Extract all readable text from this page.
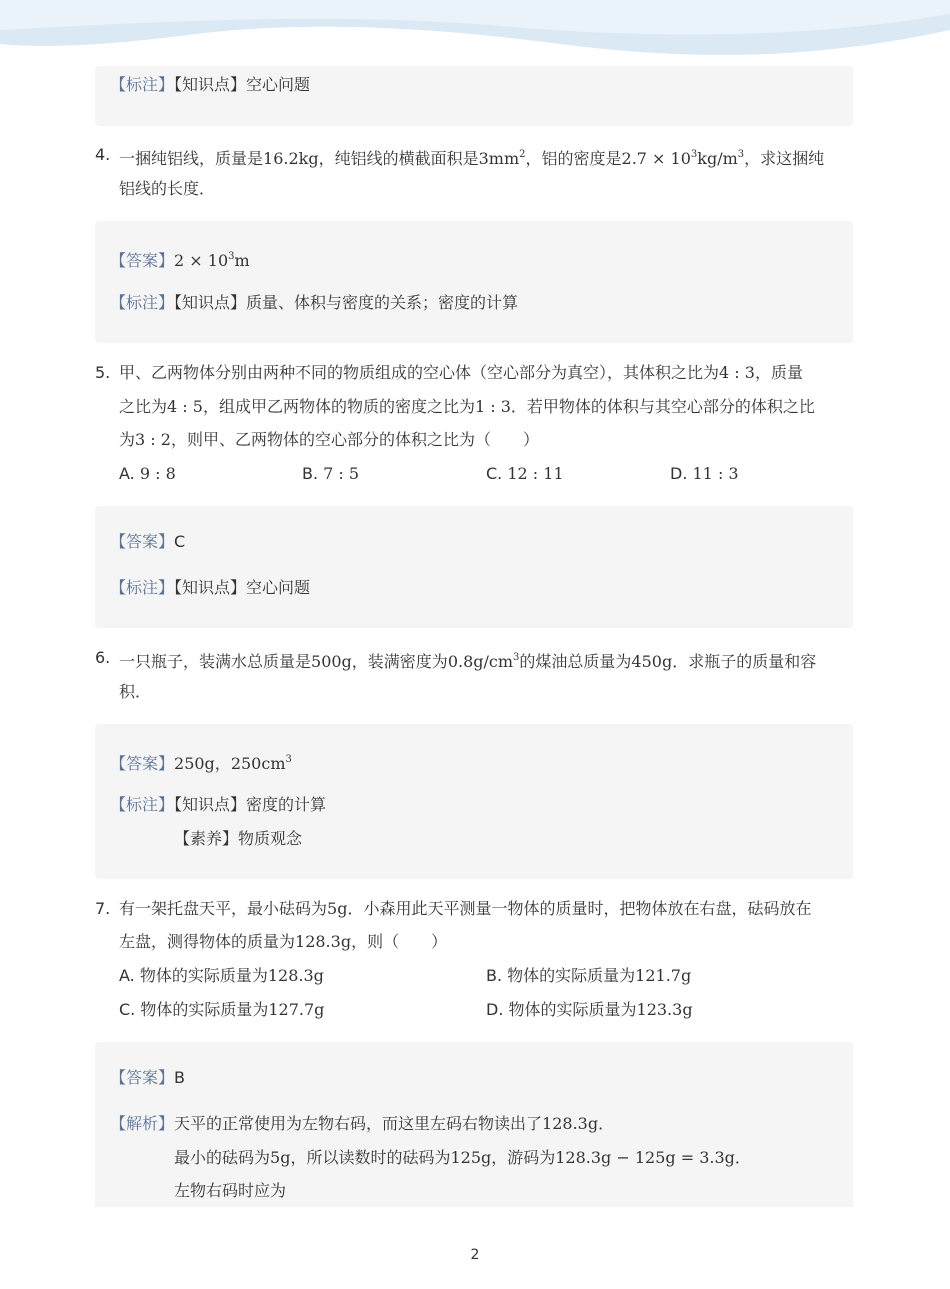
【标注】【知识点】空心问题
4. 一捆纯铝线，质量是16.2kg，纯铝线的横截面积是$3mm^2$，铝的密度是$2.7 \times 10^3kg/m^3$，求这捆纯
铝线的长度．
【答案】$2 \times 10^3m$
【标注】【知识点】质量、体积与密度的关系；密度的计算
5. 甲、乙两物体分别由两种不同的物质组成的空心体（空心部分为真空），其体积之比为4 : 3，质量
之比为4 : 5，组成甲乙两物体的物质的密度之比为1 : 3．若甲物体的体积与其空心部分的体积之比
为3 : 2，则甲、乙两物体的空心部分的体积之比为（　　）
A. 9 : 8	B. 7 : 5	C. 12 : 11	D. 11 : 3
【答案】C
【标注】【知识点】空心问题
6. 一只瓶子，装满水总质量是500g，装满密度为$0.8g/cm^3$的煤油总质量为450g．求瓶子的质量和容
积．
【答案】250g，$250cm^3$
【标注】【知识点】密度的计算
【素养】物质观念
7. 有一架托盘天平，最小砝码为5g．小森用此天平测量一物体的质量时，把物体放在右盘，砝码放在
左盘，测得物体的质量为128.3g，则（　　）
A. 物体的实际质量为128.3g	B. 物体的实际质量为121.7g
C. 物体的实际质量为127.7g	D. 物体的实际质量为123.3g
【答案】B
【解析】天平的正常使用为左物右码，而这里左码右物读出了128.3g．
最小的砝码为5g，所以读数时的砝码为125g，游码为128.3g − 125g = 3.3g．
左物右码时应为
2
